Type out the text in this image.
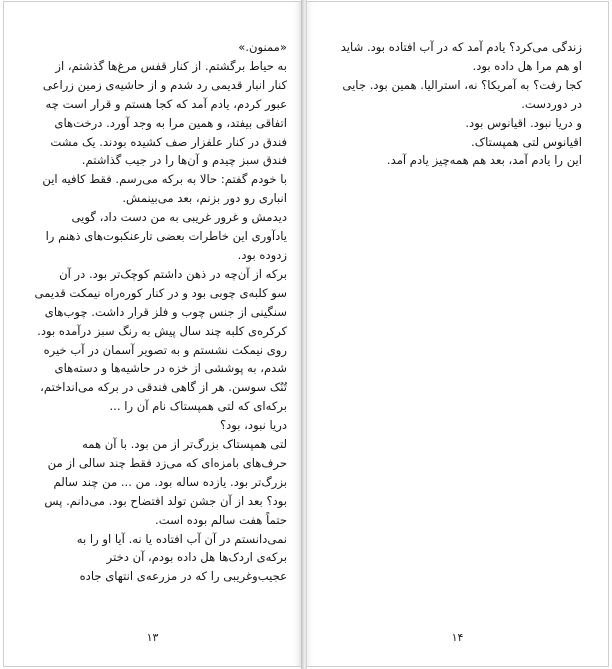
«ممنون.»
به حیاط برگشتم. از کنار قفس مرغ‌ها گذشتم، از
کنار انبار قدیمی رد شدم و از حاشیه‌ی زمین زراعی
عبور کردم، یادم آمد که کجا هستم و قرار است چه
اتفاقی بیفتد، و همین مرا به وجد آورد. درخت‌های
فندق در کنار علفزار صف کشیده بودند. یک مشت
فندق سبز چیدم و آن‌ها را در جیب گذاشتم.
با خودم گفتم: حالا به برکه می‌رسم. فقط کافیه این
انباری رو دور بزنم، بعد می‌بینمش.
دیدمش و غرور غریبی به من دست داد، گویی
یادآوری این خاطرات بعضی تارعنکبوت‌های ذهنم را
زدوده بود.
برکه از آن‌چه در ذهن داشتم کوچک‌تر بود. در آن
سو کلبه‌ی چوبی بود و در کنار کوره‌راه نیمکت قدیمی
سنگینی از جنس چوب و فلز قرار داشت. چوب‌های
کرکره‌ی کلبه چند سال پیش به رنگ سبز درآمده بود.
روی نیمکت نشستم و به تصویر آسمان در آب خیره
شدم، به پوششی از خزه در حاشیه‌ها و دسته‌های
تُنُک سوسن. هر از گاهی فندقی در برکه می‌انداختم،
برکه‌ای که لتی همپستاک نام آن را ...
دریا نبود، بود؟
لتی همپستاک بزرگ‌تر از من بود. با آن همه
حرف‌های بامزه‌ای که می‌زد فقط چند سالی از من
بزرگ‌تر بود. یازده ساله بود. من ... من چند سالم
بود؟ بعد از آن جشن تولد افتضاح بود. می‌دانم. پس
حتماً هفت سالم بوده است.
نمی‌دانستم در آن آب افتاده یا نه. آیا او را به
برکه‌ی اردک‌ها هل داده بودم، آن دختر
عجیب‌وغریبی را که در مزرعه‌ی انتهای جاده
۱۳
زندگی می‌کرد؟ یادم آمد که در آب افتاده بود. شاید
او هم مرا هل داده بود.
کجا رفت؟ به آمریکا؟ نه، استرالیا. همین بود. جایی
در دوردست.
و دریا نبود. اقیانوس بود.
اقیانوس لتی همپستاک.
این را یادم آمد، بعد هم همه‌چیز یادم آمد.
۱۴
